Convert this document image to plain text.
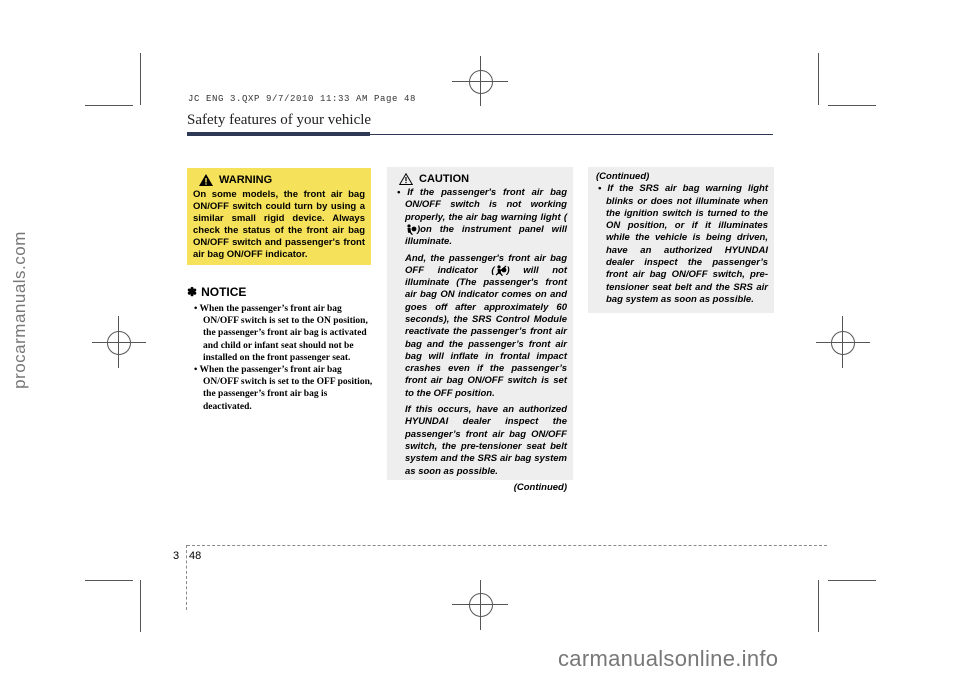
procarmanuals.com
JC ENG 3.QXP 9/7/2010 11:33 AM Page 48
Safety features of your vehicle
WARNING
On some models, the front air bag ON/OFF switch could turn by using a similar small rigid device. Always check the status of the front air bag ON/OFF switch and passenger's front air bag ON/OFF indicator.
✽ NOTICE
• When the passenger’s front air bag ON/OFF switch is set to the ON position, the passenger’s front air bag is activated and child or infant seat should not be installed on the front passenger seat.
• When the passenger’s front air bag ON/OFF switch is set to the OFF position, the passenger’s front air bag is deactivated.
CAUTION

• If the passenger's front air bag ON/OFF switch is not working properly, the air bag warning light ()on the instrument panel will illuminate.

And, the passenger's front air bag OFF indicator ( ) will not illuminate (The passenger's front air bag ON indicator comes on and goes off after approximately 60 seconds), the SRS Control Module reactivate the passenger’s front air bag and the passenger’s front air bag will inflate in frontal impact crashes even if the passenger’s front air bag ON/OFF switch is set to the OFF position.

If this occurs, have an authorized HYUNDAI dealer inspect the passenger’s front air bag ON/OFF switch, the pre-tensioner seat belt system and the SRS air bag system as soon as possible.

(Continued)

(Continued)

• If the SRS air bag warning light blinks or does not illuminate when the ignition switch is turned to the ON position, or if it illuminates while the vehicle is being driven, have an authorized HYUNDAI dealer inspect the passenger’s front air bag ON/OFF switch, pre-tensioner seat belt and the SRS air bag system as soon as possible.

3 48
carmanualsonline.info
